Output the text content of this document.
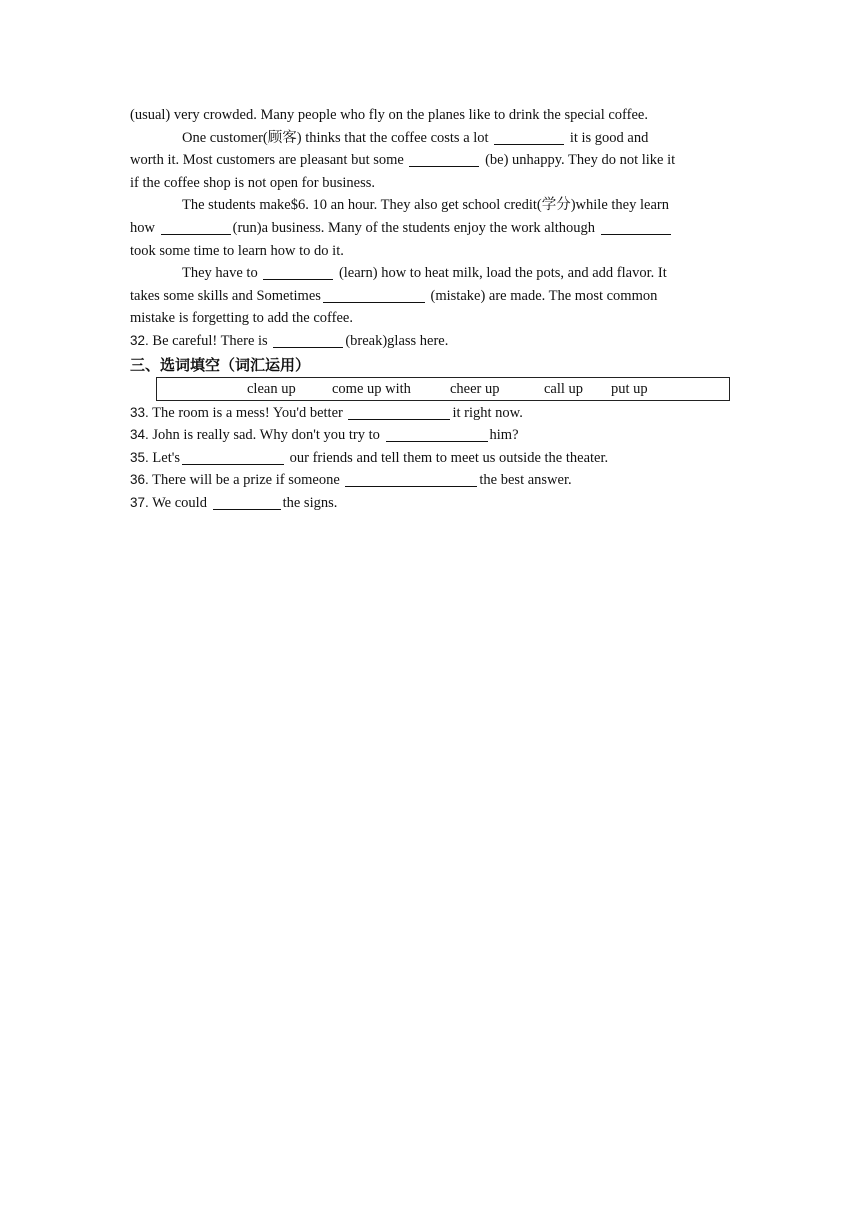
(usual) very crowded. Many people who fly on the planes like to drink the special coffee.
One customer(顾客) thinks that the coffee costs a lot	it is good and
worth it. Most customers are pleasant but some	(be) unhappy. They do not like it
if the coffee shop is not open for business.
The students make$6. 10 an hour. They also get school credit(学分)while they learn
how	(run)a business. Many of the students enjoy the work although
took some time to learn how to do it.
They have to	(learn) how to heat milk, load the pots, and add flavor. It
takes some skills and Sometimes	(mistake) are made. The most common
mistake is forgetting to add the coffee.
32. Be careful! There is	(break)glass here.
三、选词填空（词汇运用）
clean up	come up with	cheer up	call up put up
33. The room is a mess! You'd better	it right now.
34. John is really sad. Why don't you try to	him?
35. Let's	our friends and tell them to meet us outside the theater.
36. There will be a prize if someone	the best answer.
37. We could	the signs.
